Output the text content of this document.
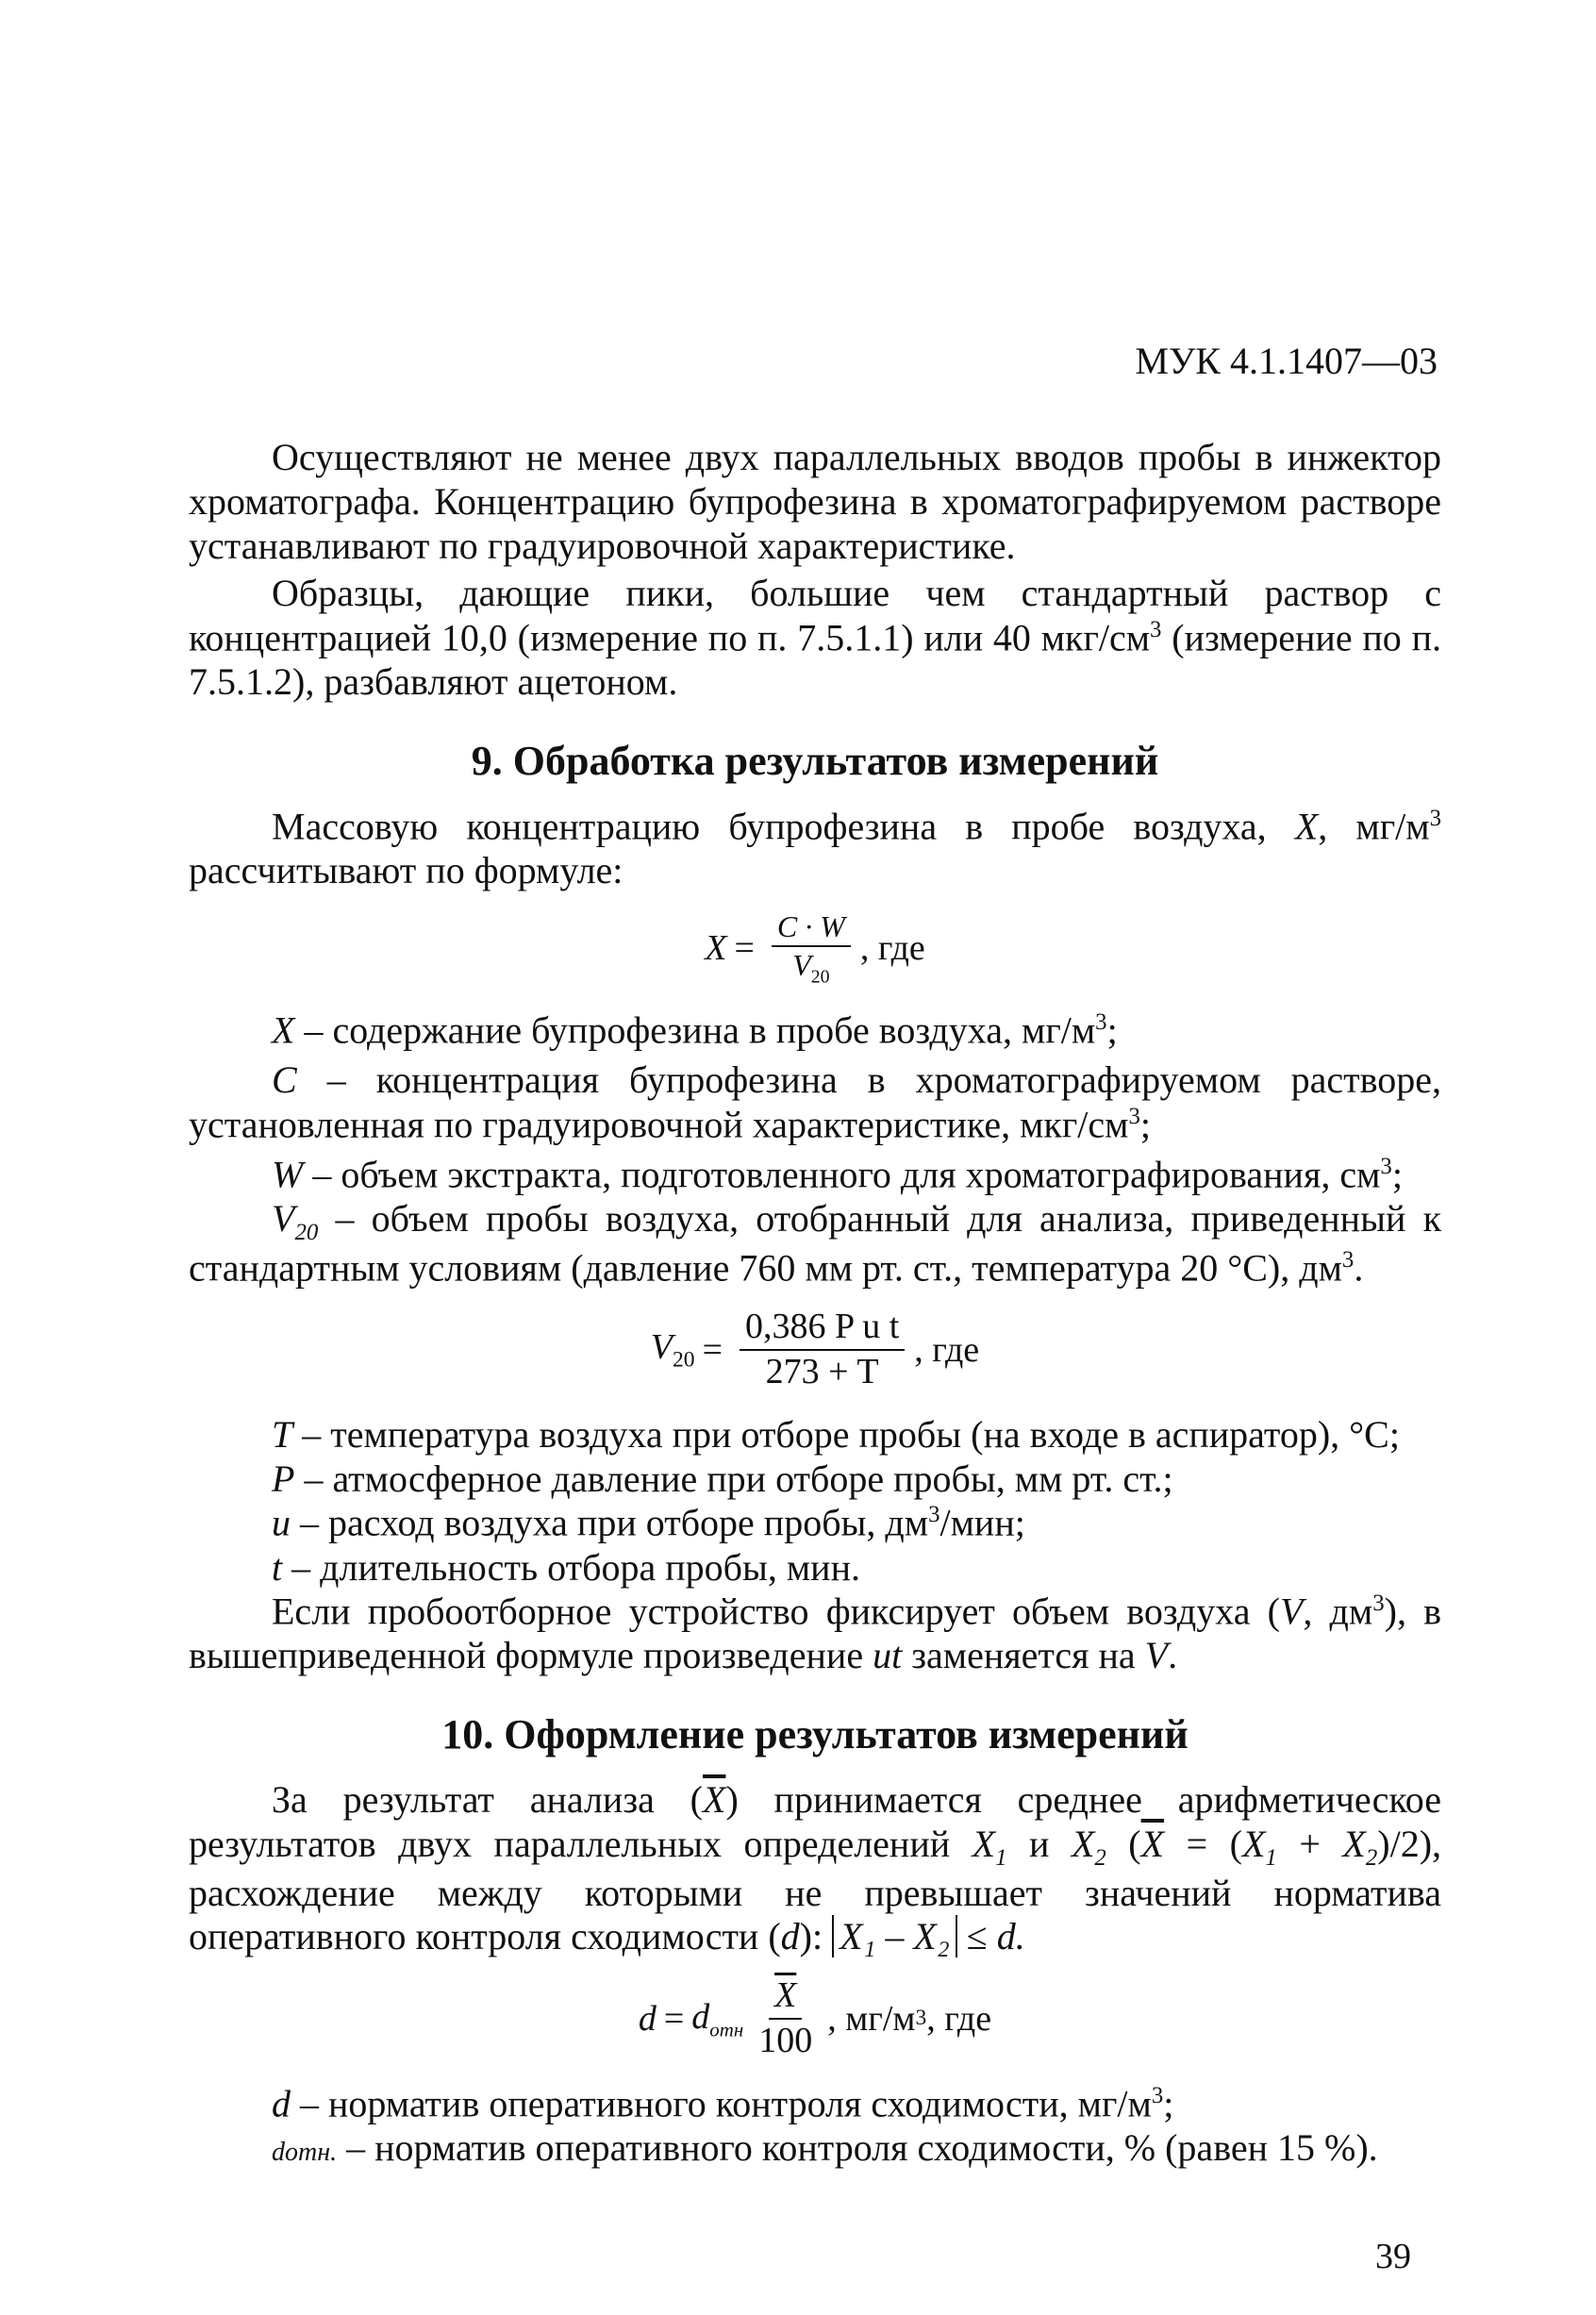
МУК 4.1.1407—03

Осуществляют не менее двух параллельных вводов пробы в инжектор хроматографа. Концентрацию бупрофезина в хроматографируемом растворе устанавливают по градуировочной характеристике.

Образцы, дающие пики, большие чем стандартный раствор с концентрацией 10,0 (измерение по п. 7.5.1.1) или 40 мкг/$см^3$ (измерение по п. 7.5.1.2), разбавляют ацетоном.

9. Обработка результатов измерений

Массовую концентрацию бупрофезина в пробе воздуха, X, $мг/м^3$ рассчитывают по формуле:

$X = \frac{C \cdot W}{V_{20}}$ , где

X – содержание бупрофезина в пробе воздуха, $мг/м^3$;

С – концентрация бупрофезина в хроматографируемом растворе, установленная по градуировочной характеристике, мкг/$см^3$;

W – объем экстракта, подготовленного для хроматографирования, $см^3$;

$V_{20}$ – объем пробы воздуха, отобранный для анализа, приведенный к стандартным условиям (давление 760 мм рт. ст., температура 20 °С), $дм^3$.

$V_{20} = \frac{\text{0,386 P u t}}{273 + T}$ , где

T – температура воздуха при отборе пробы (на входе в аспиратор), °С;

P – атмосферное давление при отборе пробы, мм рт. ст.;

u – расход воздуха при отборе пробы, $дм^3$/мин;

t – длительность отбора пробы, мин.

Если пробоотборное устройство фиксирует объем воздуха (V, $дм^3$), в вышеприведенной формуле произведение ut заменяется на V.

10. Оформление результатов измерений

За результат анализа $(\overline{X})$ принимается среднее арифметическое результатов двух параллельных определений $X_1$ и $X_2$ $(\overline{X} = (X_1 + X_2)/2)$, расхождение между которыми не превышает значений норматива оперативного контроля сходимости (d): X₁ – X₂ ≤ d.

$d = d_{отн} \frac{\overline{X}}{100}$ , мг/м 3 , где

d – норматив оперативного контроля сходимости, $мг/м^3$;

dотн. – норматив оперативного контроля сходимости, % (равен 15 %).

39
